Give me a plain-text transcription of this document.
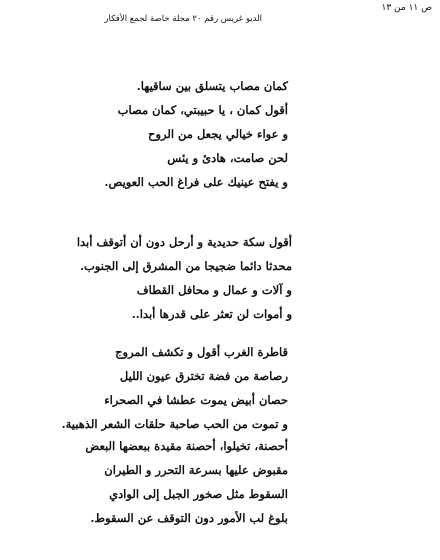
ص ١١ من ١٣
الديو غريس رقم ٢٠ مجلة خاصة لجمع الأفكار
كمان مصاب يتسلق بين ساقيها.
أقول كمان ، يا حبيبتي، كمان مصاب
و عواء خيالي يجعل من الروح
لحن صامت، هادئ و يئس
و يفتح عينيك على فراغ الحب العويص.
أقول سكة حديدية و أرحل دون أن أتوقف أبدا
محدثا دائما ضجيجا من المشرق إلى الجنوب.
و آلات و عمال و محافل القطاف
و أموات لن تعثر على قدرها أبدا..
قاطرة الغرب أقول و تكشف المروج
رصاصة من فضة تخترق عيون الليل
حصان أبيض يموت عطشا في الصحراء
و تموت من الحب صاحبة حلقات الشعر الذهبية.
أحصنة، تخيلوا، أحصنة مقيدة ببعضها البعض
مقبوض عليها بسرعة التحرر و الطيران
السقوط مثل صخور الجبل إلى الوادي
بلوغ لب الأمور دون التوقف عن السقوط.
